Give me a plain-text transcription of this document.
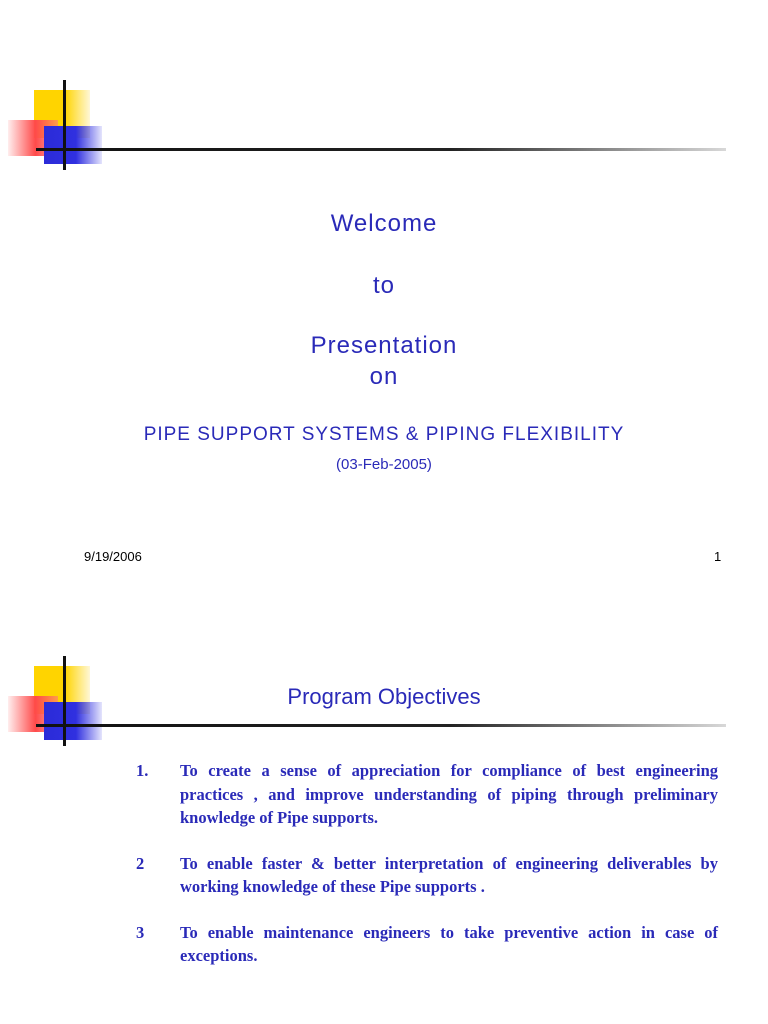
Welcome
to
Presentation
on
PIPE SUPPORT SYSTEMS & PIPING FLEXIBILITY
(03-Feb-2005)
9/19/2006	1
Program Objectives
1.	To create a sense of appreciation for compliance of best engineering practices , and improve understanding of piping through preliminary knowledge of Pipe supports.
2	To enable faster & better interpretation of engineering deliverables by working knowledge of these Pipe supports .
3	To enable maintenance engineers to take preventive action in case of exceptions.
